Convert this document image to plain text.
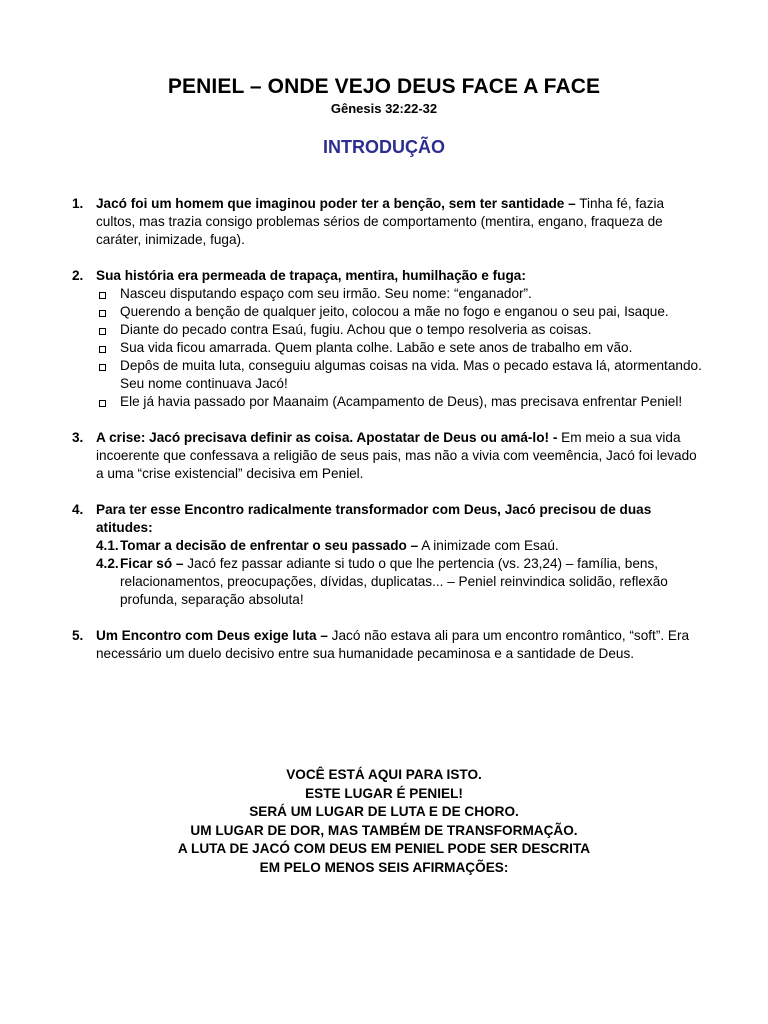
PENIEL – ONDE VEJO DEUS FACE A FACE
Gênesis 32:22-32
INTRODUÇÃO
1. Jacó foi um homem que imaginou poder ter a benção, sem ter santidade – Tinha fé, fazia cultos, mas trazia consigo problemas sérios de comportamento (mentira, engano, fraqueza de caráter, inimizade, fuga).
2. Sua história era permeada de trapaça, mentira, humilhação e fuga:
Nasceu disputando espaço com seu irmão. Seu nome: “enganador”.
Querendo a benção de qualquer jeito, colocou a mãe no fogo e enganou o seu pai, Isaque.
Diante do pecado contra Esaú, fugiu. Achou que o tempo resolveria as coisas.
Sua vida ficou amarrada. Quem planta colhe. Labão e sete anos de trabalho em vão.
Depôs de muita luta, conseguiu algumas coisas na vida. Mas o pecado estava lá, atormentando. Seu nome continuava Jacó!
Ele já havia passado por Maanaim (Acampamento de Deus), mas precisava enfrentar Peniel!
3. A crise: Jacó precisava definir as coisa. Apostatar de Deus ou amá-lo! - Em meio a sua vida incoerente que confessava a religião de seus pais, mas não a vivia com veemência, Jacó foi levado a uma “crise existencial” decisiva em Peniel.
4. Para ter esse Encontro radicalmente transformador com Deus, Jacó precisou de duas atitudes:
4.1. Tomar a decisão de enfrentar o seu passado – A inimizade com Esaú.
4.2. Ficar só – Jacó fez passar adiante si tudo o que lhe pertencia (vs. 23,24) – família, bens, relacionamentos, preocupações, dívidas, duplicatas... – Peniel reinvindica solidão, reflexão profunda, separação absoluta!
5. Um Encontro com Deus exige luta – Jacó não estava ali para um encontro romântico, “soft”. Era necessário um duelo decisivo entre sua humanidade pecaminosa e a santidade de Deus.
VOCÊ ESTÁ AQUI PARA ISTO.
ESTE LUGAR É PENIEL!
SERÁ UM LUGAR DE LUTA E DE CHORO.
UM LUGAR DE DOR, MAS TAMBÉM DE TRANSFORMAÇÃO.
A LUTA DE JACÓ COM DEUS EM PENIEL PODE SER DESCRITA
EM PELO MENOS SEIS AFIRMAÇÕES:
